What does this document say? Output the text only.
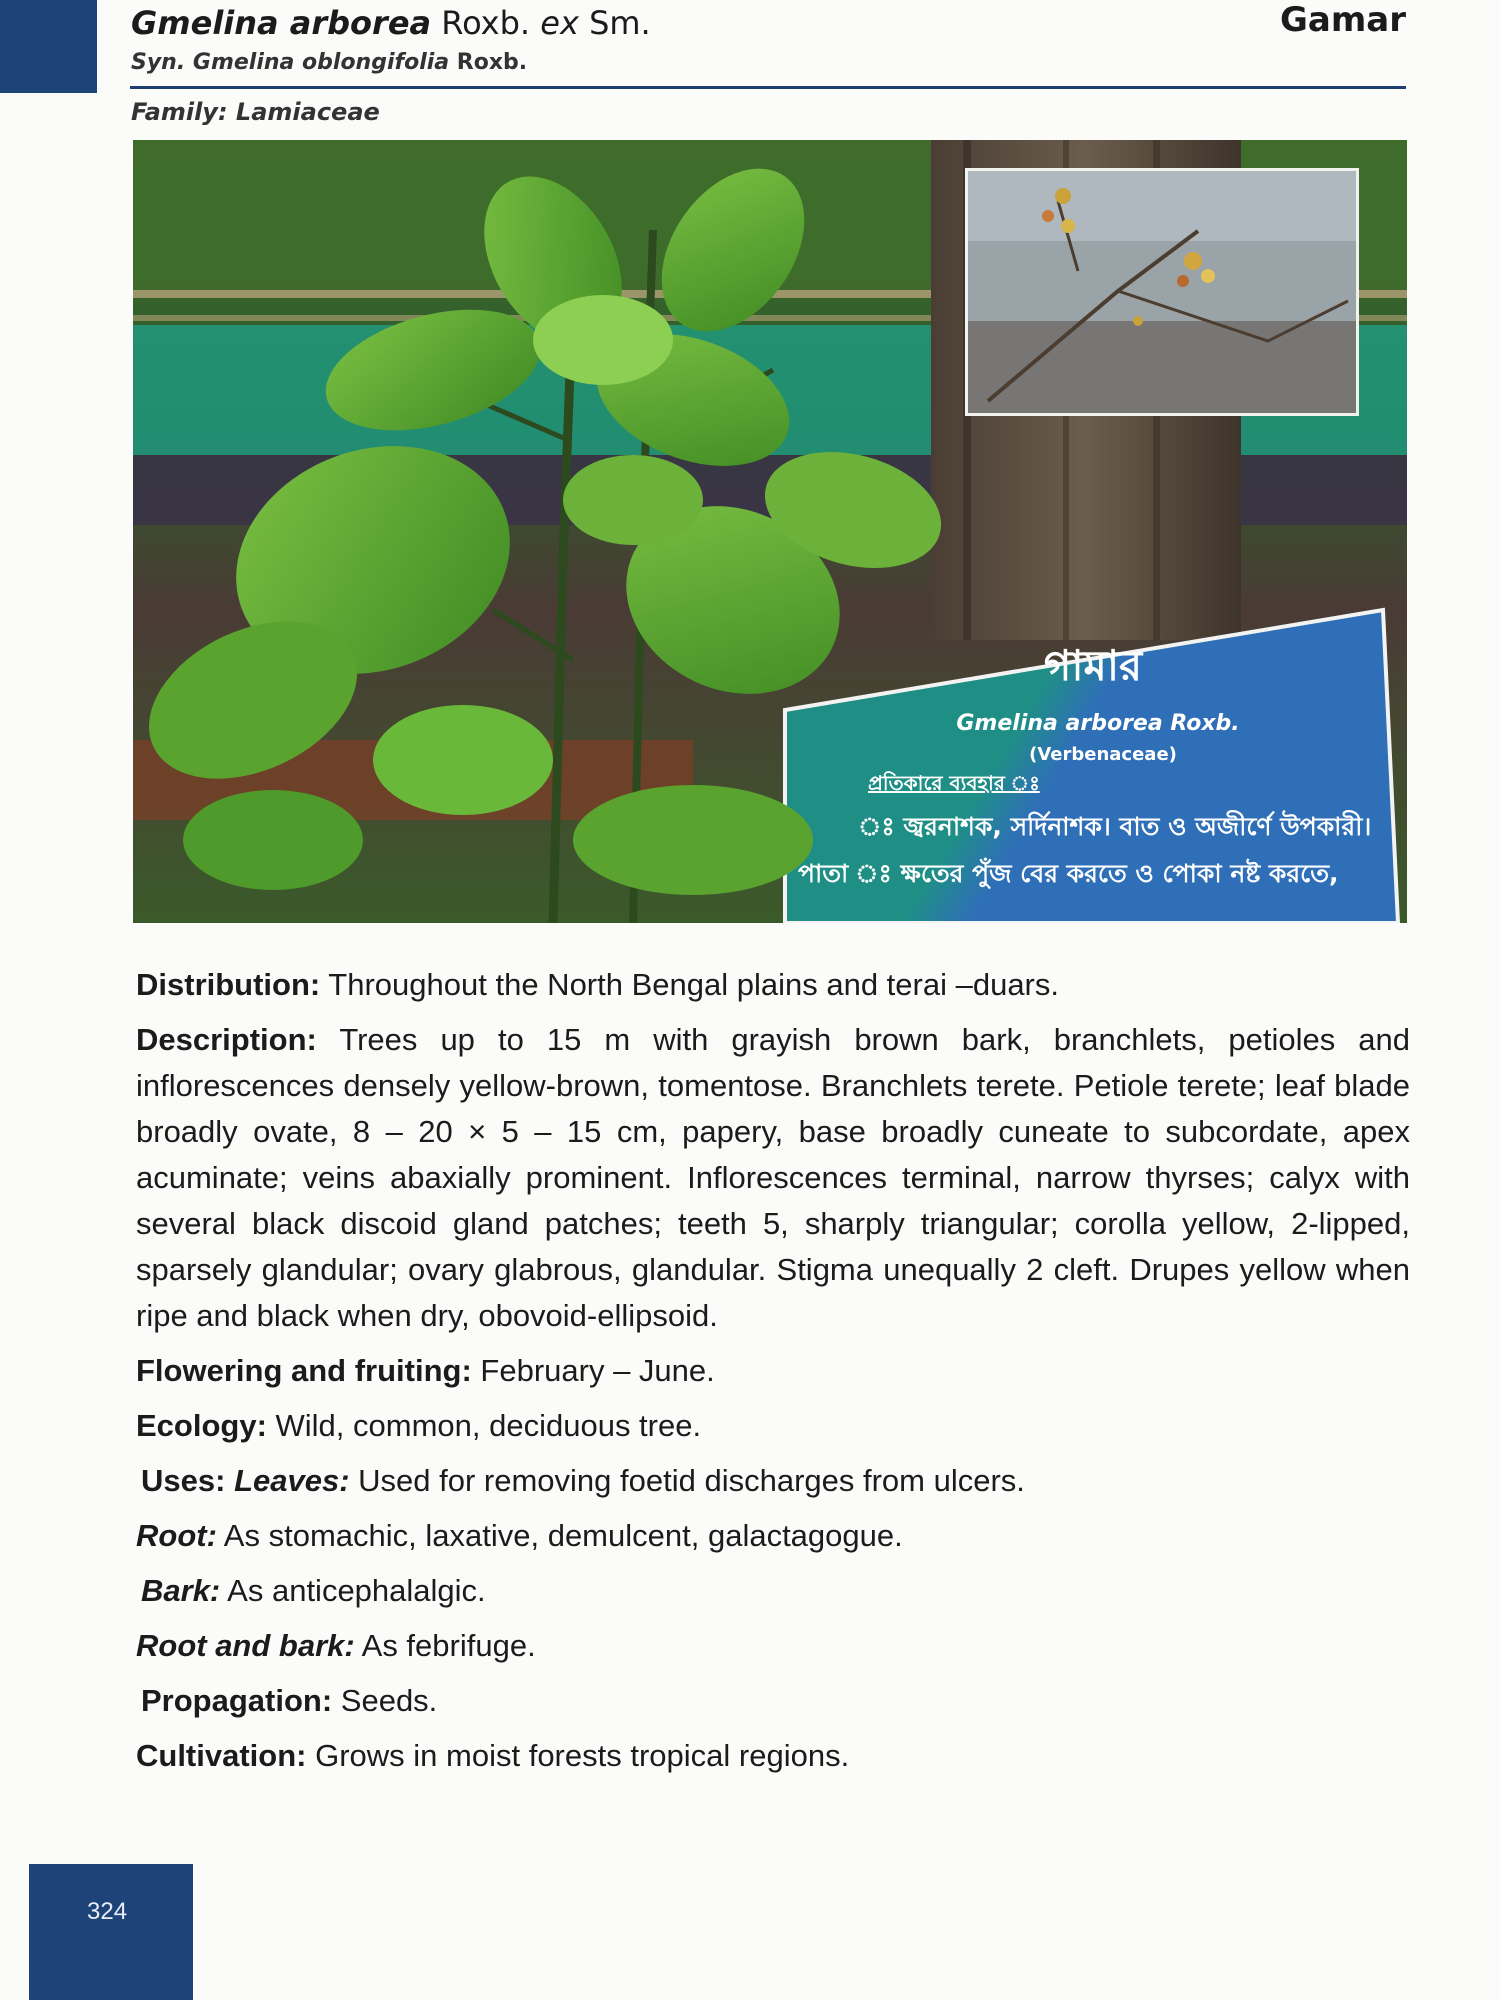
Gmelina arborea Roxb. ex Sm.
Syn. Gmelina oblongifolia Roxb.
Gamar
Family: Lamiaceae
গামার
Gmelina arborea Roxb.
(Verbenaceae)
প্রতিকারে ব্যবহার ঃ
ঃ জ্বরনাশক, সর্দিনাশক। বাত ও অজীর্ণে উপকারী।
পাতা ঃ ক্ষতের পুঁজ বের করতে ও পোকা নষ্ট করতে,

Distribution: Throughout the North Bengal plains and terai –duars.

Description: Trees up to 15 m with grayish brown bark, branchlets, petioles and inflorescences densely yellow-brown, tomentose. Branchlets terete. Petiole terete; leaf blade broadly ovate, 8 – 20 × 5 – 15 cm, papery, base broadly cuneate to subcordate, apex acuminate; veins abaxially prominent. Inflorescences terminal, narrow thyrses; calyx with several black discoid gland patches; teeth 5, sharply triangular; corolla yellow, 2-lipped, sparsely glandular; ovary glabrous, glandular. Stigma unequally 2 cleft. Drupes yellow when ripe and black when dry, obovoid-ellipsoid.

Flowering and fruiting: February – June.

Ecology: Wild, common, deciduous tree.

Uses: Leaves: Used for removing foetid discharges from ulcers.

Root: As stomachic, laxative, demulcent, galactagogue.

Bark: As anticephalalgic.

Root and bark: As febrifuge.

Propagation: Seeds.

Cultivation: Grows in moist forests tropical regions.

324
